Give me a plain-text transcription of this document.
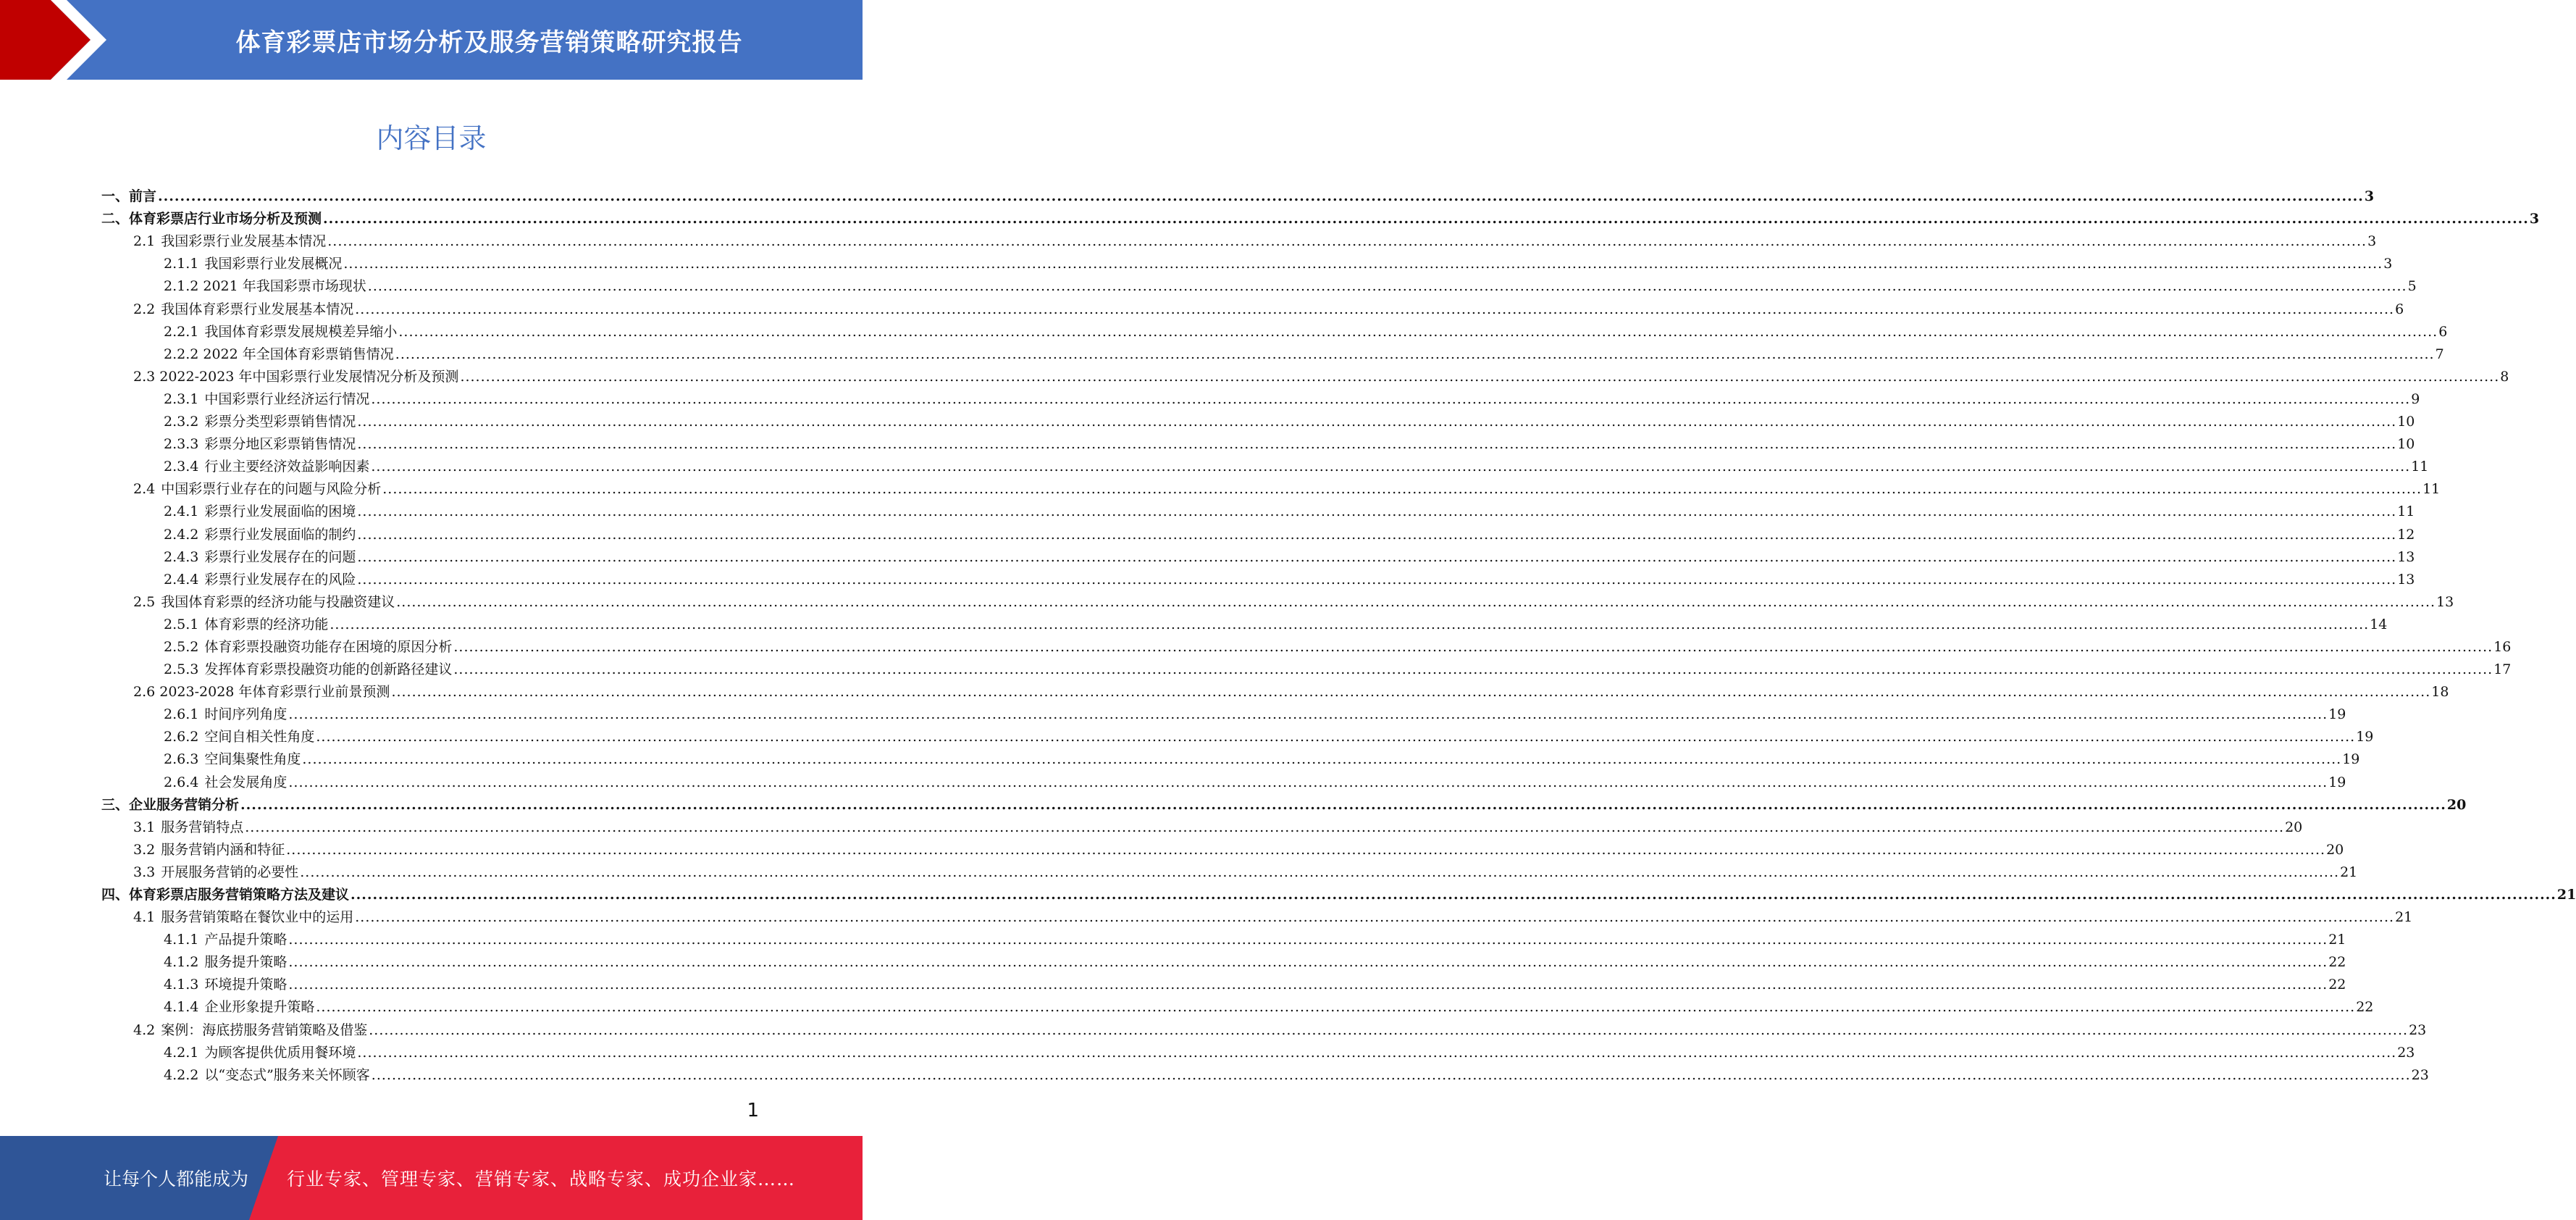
体育彩票店市场分析及服务营销策略研究报告
内容目录
一、前言 ................................................................................................................................................................................................................................................................................................................................................................................................................ 3
二、体育彩票店行业市场分析及预测 ................................................................................................................................................................................................................................................................................................................................................................................................................ 3
2.1 我国彩票行业发展基本情况 ................................................................................................................................................................................................................................................................................................................................................................................................................ 3
2.1.1 我国彩票行业发展概况 ................................................................................................................................................................................................................................................................................................................................................................................................................ 3
2.1.2 2021 年我国彩票市场现状 ................................................................................................................................................................................................................................................................................................................................................................................................................ 5
2.2 我国体育彩票行业发展基本情况 ................................................................................................................................................................................................................................................................................................................................................................................................................ 6
2.2.1 我国体育彩票发展规模差异缩小 ................................................................................................................................................................................................................................................................................................................................................................................................................ 6
2.2.2 2022 年全国体育彩票销售情况 ................................................................................................................................................................................................................................................................................................................................................................................................................ 7
2.3 2022-2023 年中国彩票行业发展情况分析及预测 ................................................................................................................................................................................................................................................................................................................................................................................................................ 8
2.3.1 中国彩票行业经济运行情况 ................................................................................................................................................................................................................................................................................................................................................................................................................ 9
2.3.2 彩票分类型彩票销售情况 ................................................................................................................................................................................................................................................................................................................................................................................................................ 10
2.3.3 彩票分地区彩票销售情况 ................................................................................................................................................................................................................................................................................................................................................................................................................ 10
2.3.4 行业主要经济效益影响因素 ................................................................................................................................................................................................................................................................................................................................................................................................................ 11
2.4 中国彩票行业存在的问题与风险分析 ................................................................................................................................................................................................................................................................................................................................................................................................................ 11
2.4.1 彩票行业发展面临的困境 ................................................................................................................................................................................................................................................................................................................................................................................................................ 11
2.4.2 彩票行业发展面临的制约 ................................................................................................................................................................................................................................................................................................................................................................................................................ 12
2.4.3 彩票行业发展存在的问题 ................................................................................................................................................................................................................................................................................................................................................................................................................ 13
2.4.4 彩票行业发展存在的风险 ................................................................................................................................................................................................................................................................................................................................................................................................................ 13
2.5 我国体育彩票的经济功能与投融资建议 ................................................................................................................................................................................................................................................................................................................................................................................................................ 13
2.5.1 体育彩票的经济功能 ................................................................................................................................................................................................................................................................................................................................................................................................................ 14
2.5.2 体育彩票投融资功能存在困境的原因分析 ................................................................................................................................................................................................................................................................................................................................................................................................................ 16
2.5.3 发挥体育彩票投融资功能的创新路径建议 ................................................................................................................................................................................................................................................................................................................................................................................................................ 17
2.6 2023-2028 年体育彩票行业前景预测 ................................................................................................................................................................................................................................................................................................................................................................................................................ 18
2.6.1 时间序列角度 ................................................................................................................................................................................................................................................................................................................................................................................................................ 19
2.6.2 空间自相关性角度 ................................................................................................................................................................................................................................................................................................................................................................................................................ 19
2.6.3 空间集聚性角度 ................................................................................................................................................................................................................................................................................................................................................................................................................ 19
2.6.4 社会发展角度 ................................................................................................................................................................................................................................................................................................................................................................................................................ 19
三、企业服务营销分析 ................................................................................................................................................................................................................................................................................................................................................................................................................ 20
3.1 服务营销特点 ................................................................................................................................................................................................................................................................................................................................................................................................................ 20
3.2 服务营销内涵和特征 ................................................................................................................................................................................................................................................................................................................................................................................................................ 20
3.3 开展服务营销的必要性 ................................................................................................................................................................................................................................................................................................................................................................................................................ 21
四、体育彩票店服务营销策略方法及建议 ................................................................................................................................................................................................................................................................................................................................................................................................................ 21
4.1 服务营销策略在餐饮业中的运用 ................................................................................................................................................................................................................................................................................................................................................................................................................ 21
4.1.1 产品提升策略 ................................................................................................................................................................................................................................................................................................................................................................................................................ 21
4.1.2 服务提升策略 ................................................................................................................................................................................................................................................................................................................................................................................................................ 22
4.1.3 环境提升策略 ................................................................................................................................................................................................................................................................................................................................................................................................................ 22
4.1.4 企业形象提升策略 ................................................................................................................................................................................................................................................................................................................................................................................................................ 22
4.2 案例：海底捞服务营销策略及借鉴 ................................................................................................................................................................................................................................................................................................................................................................................................................ 23
4.2.1 为顾客提供优质用餐环境 ................................................................................................................................................................................................................................................................................................................................................................................................................ 23
4.2.2 以“变态式”服务来关怀顾客 ................................................................................................................................................................................................................................................................................................................................................................................................................ 23
1
让每个人都能成为 行业专家、管理专家、营销专家、战略专家、成功企业家……
